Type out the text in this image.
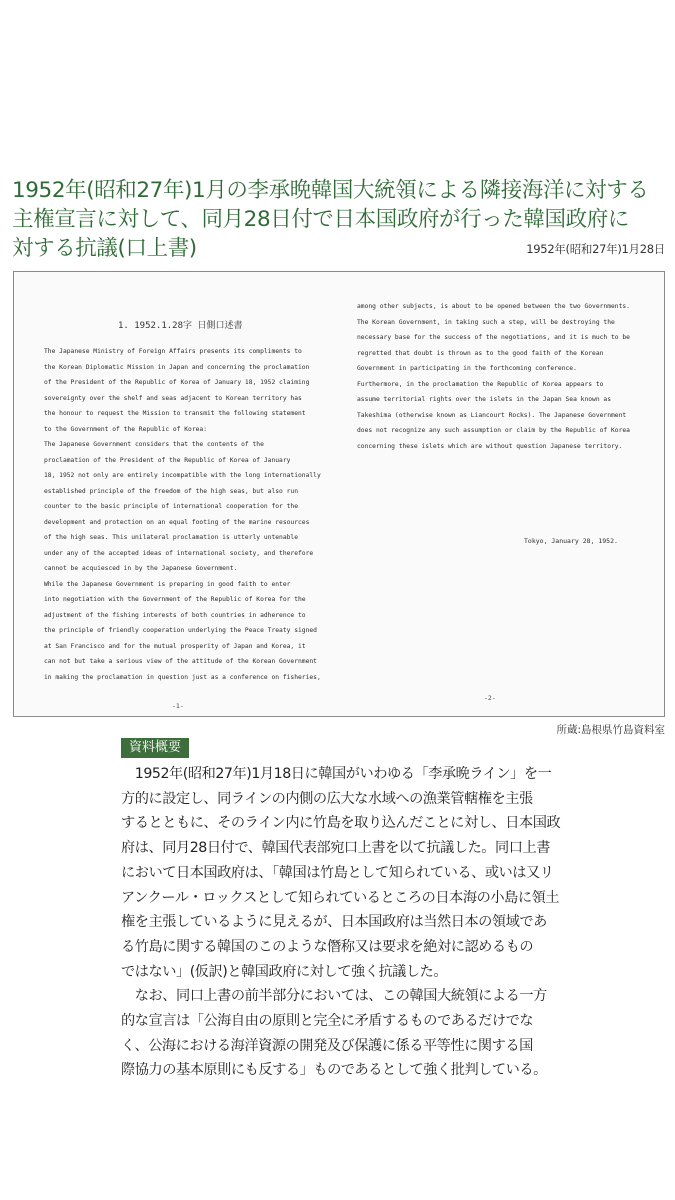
1952年(昭和27年)1月の李承晩韓国大統領による隣接海洋に対する
主権宣言に対して、同月28日付で日本国政府が行った韓国政府に
対する抗議(口上書)	1952年(昭和27年)1月28日
1. 1952.1.28字 日側口述書
The Japanese Ministry of Foreign Affairs presents its compliments to
the Korean Diplomatic Mission in Japan and concerning the proclamation
of the President of the Republic of Korea of January 18, 1952 claiming
sovereignty over the shelf and seas adjacent to Korean territory has
the honour to request the Mission to transmit the following statement
to the Government of the Republic of Korea:
The Japanese Government considers that the contents of the
proclamation of the President of the Republic of Korea of January
18, 1952 not only are entirely incompatible with the long internationally
established principle of the freedom of the high seas, but also run
counter to the basic principle of international cooperation for the
development and protection on an equal footing of the marine resources
of the high seas. This unilateral proclamation is utterly untenable
under any of the accepted ideas of international society, and therefore
cannot be acquiesced in by the Japanese Government.
While the Japanese Government is preparing in good faith to enter
into negotiation with the Government of the Republic of Korea for the
adjustment of the fishing interests of both countries in adherence to
the principle of friendly cooperation underlying the Peace Treaty signed
at San Francisco and for the mutual prosperity of Japan and Korea, it
can not but take a serious view of the attitude of the Korean Government
in making the proclamation in question just as a conference on fisheries,
among other subjects, is about to be opened between the two Governments.
The Korean Government, in taking such a step, will be destroying the
necessary base for the success of the negotiations, and it is much to be
regretted that doubt is thrown as to the good faith of the Korean
Government in participating in the forthcoming conference.
Furthermore, in the proclamation the Republic of Korea appears to
assume territorial rights over the islets in the Japan Sea known as
Takeshima (otherwise known as Liancourt Rocks). The Japanese Government
does not recognize any such assumption or claim by the Republic of Korea
concerning these islets which are without question Japanese territory.
Tokyo, January 28, 1952.
-1-
-2-
所蔵:島根県竹島資料室
資料概要
　1952年(昭和27年)1月18日に韓国がいわゆる「李承晩ライン」を一
方的に設定し、同ラインの内側の広大な水域への漁業管轄権を主張
するとともに、そのライン内に竹島を取り込んだことに対し、日本国政
府は、同月28日付で、韓国代表部宛口上書を以て抗議した。同口上書
において日本国政府は、「韓国は竹島として知られている、或いは又リ
アンクール・ロックスとして知られているところの日本海の小島に領土
権を主張しているように見えるが、日本国政府は当然日本の領域であ
る竹島に関する韓国のこのような僭称又は要求を絶対に認めるもの
ではない」(仮訳)と韓国政府に対して強く抗議した。
　なお、同口上書の前半部分においては、この韓国大統領による一方
的な宣言は「公海自由の原則と完全に矛盾するものであるだけでな
く、公海における海洋資源の開発及び保護に係る平等性に関する国
際協力の基本原則にも反する」ものであるとして強く批判している。
